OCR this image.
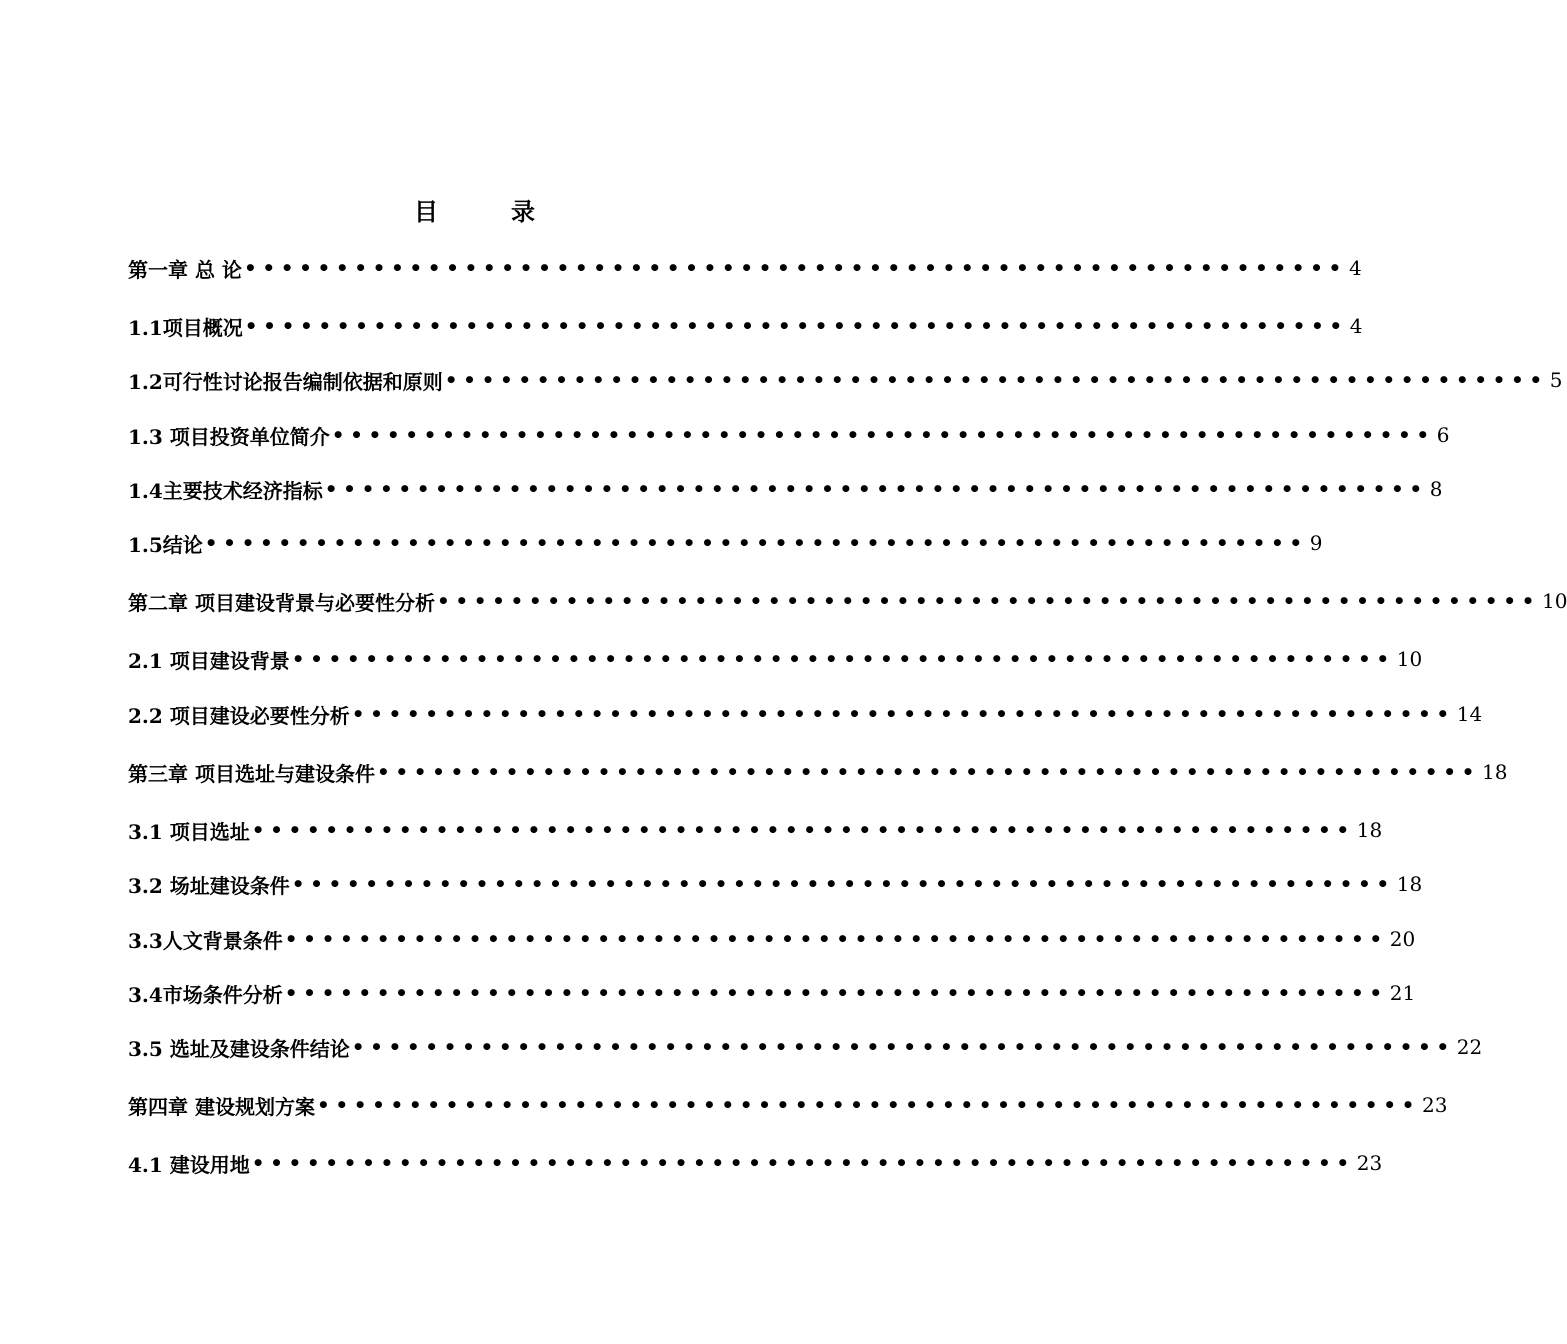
目	录
第一章 总 论 •••••••••••••••••••••••••••••••••••••••••••••••••••••••••••• 4
1.1项目概况 •••••••••••••••••••••••••••••••••••••••••••••••••••••••••••• 4
1.2可行性讨论报告编制依据和原则 •••••••••••••••••••••••••••••••••••••••••••••••••••••••••••• 5
1.3 项目投资单位简介 •••••••••••••••••••••••••••••••••••••••••••••••••••••••••••• 6
1.4主要技术经济指标 •••••••••••••••••••••••••••••••••••••••••••••••••••••••••••• 8
1.5结论 •••••••••••••••••••••••••••••••••••••••••••••••••••••••••••• 9
第二章 项目建设背景与必要性分析 •••••••••••••••••••••••••••••••••••••••••••••••••••••••••••• 10
2.1 项目建设背景 •••••••••••••••••••••••••••••••••••••••••••••••••••••••••••• 10
2.2 项目建设必要性分析 •••••••••••••••••••••••••••••••••••••••••••••••••••••••••••• 14
第三章 项目选址与建设条件 •••••••••••••••••••••••••••••••••••••••••••••••••••••••••••• 18
3.1 项目选址 •••••••••••••••••••••••••••••••••••••••••••••••••••••••••••• 18
3.2 场址建设条件 •••••••••••••••••••••••••••••••••••••••••••••••••••••••••••• 18
3.3人文背景条件 •••••••••••••••••••••••••••••••••••••••••••••••••••••••••••• 20
3.4市场条件分析 •••••••••••••••••••••••••••••••••••••••••••••••••••••••••••• 21
3.5 选址及建设条件结论 •••••••••••••••••••••••••••••••••••••••••••••••••••••••••••• 22
第四章 建设规划方案 •••••••••••••••••••••••••••••••••••••••••••••••••••••••••••• 23
4.1 建设用地 •••••••••••••••••••••••••••••••••••••••••••••••••••••••••••• 23
